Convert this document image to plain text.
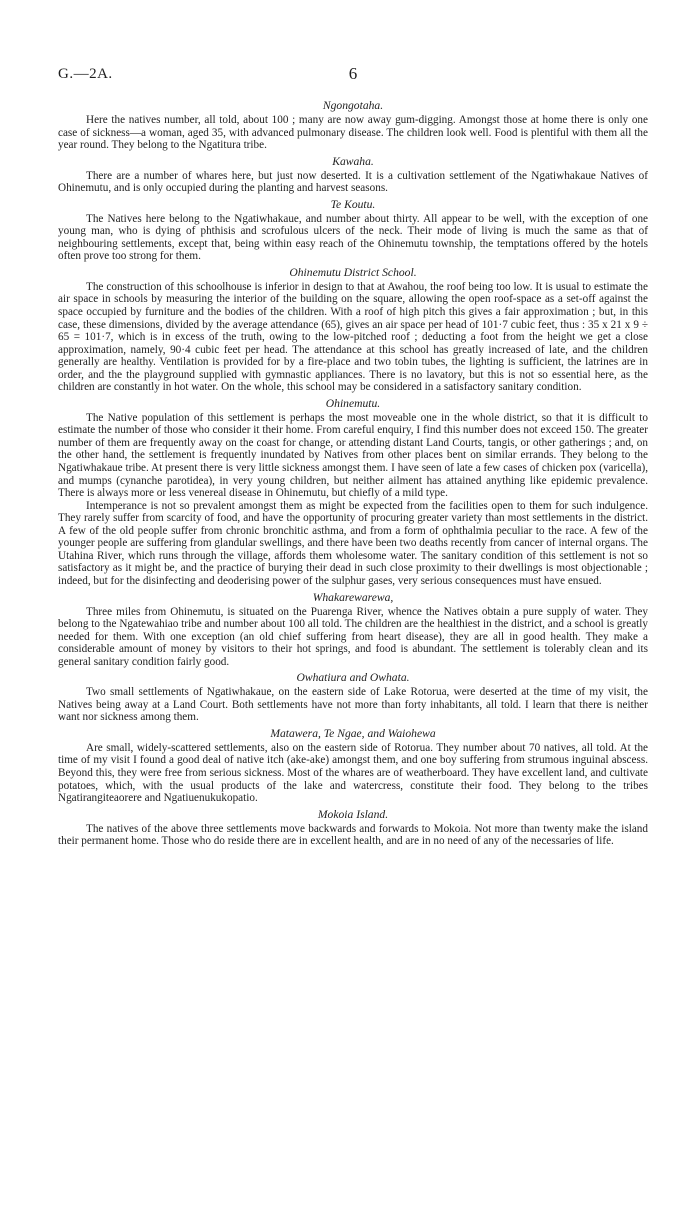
G.—2A.	6
Ngongotaha.

Here the natives number, all told, about 100 ; many are now away gum-digging. Amongst those at home there is only one case of sickness—a woman, aged 35, with advanced pulmonary disease. The children look well. Food is plentiful with them all the year round. They belong to the Ngatitura tribe.

Kawaha.

There are a number of whares here, but just now deserted. It is a cultivation settlement of the Ngatiwhakaue Natives of Ohinemutu, and is only occupied during the planting and harvest seasons.

Te Koutu.

The Natives here belong to the Ngatiwhakaue, and number about thirty. All appear to be well, with the exception of one young man, who is dying of phthisis and scrofulous ulcers of the neck. Their mode of living is much the same as that of neighbouring settlements, except that, being within easy reach of the Ohinemutu township, the temptations offered by the hotels often prove too strong for them.

Ohinemutu District School.

The construction of this schoolhouse is inferior in design to that at Awahou, the roof being too low. It is usual to estimate the air space in schools by measuring the interior of the building on the square, allowing the open roof-space as a set-off against the space occupied by furniture and the bodies of the children. With a roof of high pitch this gives a fair approximation ; but, in this case, these dimensions, divided by the average attendance (65), gives an air space per head of 101·7 cubic feet, thus : 35 x 21 x 9 ÷ 65 = 101·7, which is in excess of the truth, owing to the low-pitched roof ; deducting a foot from the height we get a close approximation, namely, 90·4 cubic feet per head. The attendance at this school has greatly increased of late, and the children generally are healthy. Ventilation is provided for by a fire-place and two tobin tubes, the lighting is sufficient, the latrines are in order, and the the playground supplied with gymnastic appliances. There is no lavatory, but this is not so essential here, as the children are constantly in hot water. On the whole, this school may be considered in a satisfactory sanitary condition.

Ohinemutu.

The Native population of this settlement is perhaps the most moveable one in the whole district, so that it is difficult to estimate the number of those who consider it their home. From careful enquiry, I find this number does not exceed 150. The greater number of them are frequently away on the coast for change, or attending distant Land Courts, tangis, or other gatherings ; and, on the other hand, the settlement is frequently inundated by Natives from other places bent on similar errands. They belong to the Ngatiwhakaue tribe. At present there is very little sickness amongst them. I have seen of late a few cases of chicken pox (varicella), and mumps (cynanche parotidea), in very young children, but neither ailment has attained anything like epidemic prevalence. There is always more or less venereal disease in Ohinemutu, but chiefly of a mild type.

Intemperance is not so prevalent amongst them as might be expected from the facilities open to them for such indulgence. They rarely suffer from scarcity of food, and have the opportunity of procuring greater variety than most settlements in the district. A few of the old people suffer from chronic bronchitic asthma, and from a form of ophthalmia peculiar to the race. A few of the younger people are suffering from glandular swellings, and there have been two deaths recently from cancer of internal organs. The Utahina River, which runs through the village, affords them wholesome water. The sanitary condition of this settlement is not so satisfactory as it might be, and the practice of burying their dead in such close proximity to their dwellings is most objectionable ; indeed, but for the disinfecting and deoderising power of the sulphur gases, very serious consequences must have ensued.

Whakarewarewa,

Three miles from Ohinemutu, is situated on the Puarenga River, whence the Natives obtain a pure supply of water. They belong to the Ngatewahiao tribe and number about 100 all told. The children are the healthiest in the district, and a school is greatly needed for them. With one exception (an old chief suffering from heart disease), they are all in good health. They make a considerable amount of money by visitors to their hot springs, and food is abundant. The settlement is tolerably clean and its general sanitary condition fairly good.

Owhatiura and Owhata.

Two small settlements of Ngatiwhakaue, on the eastern side of Lake Rotorua, were deserted at the time of my visit, the Natives being away at a Land Court. Both settlements have not more than forty inhabitants, all told. I learn that there is neither want nor sickness among them.

Matawera, Te Ngae, and Waiohewa

Are small, widely-scattered settlements, also on the eastern side of Rotorua. They number about 70 natives, all told. At the time of my visit I found a good deal of native itch (ake-ake) amongst them, and one boy suffering from strumous inguinal abscess. Beyond this, they were free from serious sickness. Most of the whares are of weatherboard. They have excellent land, and cultivate potatoes, which, with the usual products of the lake and watercress, constitute their food. They belong to the tribes Ngatirangiteaorere and Ngatiuenukukopatio.

Mokoia Island.

The natives of the above three settlements move backwards and forwards to Mokoia. Not more than twenty make the island their permanent home. Those who do reside there are in excellent health, and are in no need of any of the necessaries of life.
